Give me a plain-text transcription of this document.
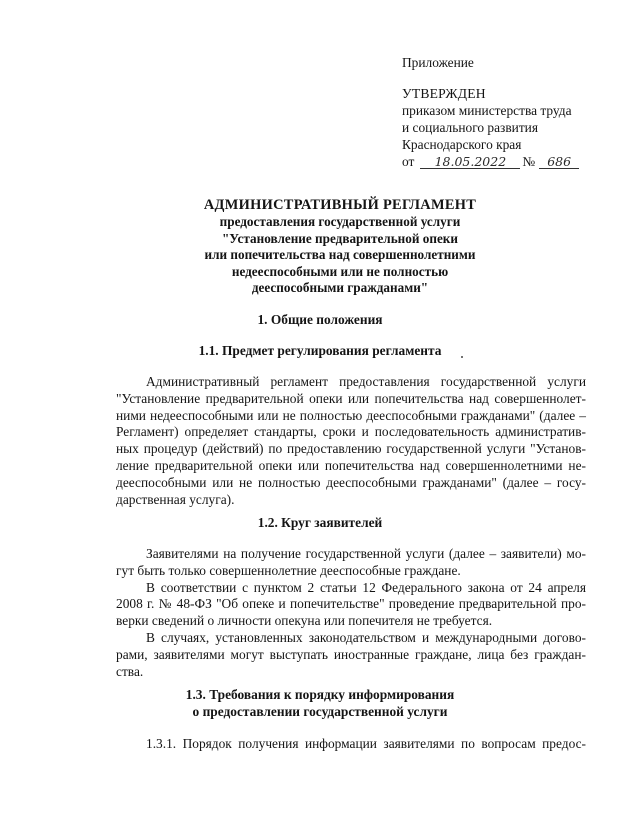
Приложение
УТВЕРЖДЕН
приказом министерства труда
и социального развития
Краснодарского края
от	18.05.2022	№ 686
АДМИНИСТРАТИВНЫЙ РЕГЛАМЕНТ
предоставления государственной услуги
"Установление предварительной опеки
или попечительства над совершеннолетними
недееспособными или не полностью
дееспособными гражданами"
1. Общие положения
1.1. Предмет регулирования регламента
Административный регламент предоставления государственной услуги
"Установление предварительной опеки или попечительства над совершеннолет-
ними недееспособными или не полностью дееспособными гражданами" (далее –
Регламент) определяет стандарты, сроки и последовательность административ-
ных процедур (действий) по предоставлению государственной услуги "Установ-
ление предварительной опеки или попечительства над совершеннолетними не-
дееспособными или не полностью дееспособными гражданами" (далее – госу-
дарственная услуга).
1.2. Круг заявителей
Заявителями на получение государственной услуги (далее – заявители) мо-
гут быть только совершеннолетние дееспособные граждане.
В соответствии с пунктом 2 статьи 12 Федерального закона от 24 апреля
2008 г. № 48-ФЗ "Об опеке и попечительстве" проведение предварительной про-
верки сведений о личности опекуна или попечителя не требуется.
В случаях, установленных законодательством и международными догово-
рами, заявителями могут выступать иностранные граждане, лица без граждан-
ства.
1.3. Требования к порядку информирования
о предоставлении государственной услуги
1.3.1. Порядок получения информации заявителями по вопросам предос-
